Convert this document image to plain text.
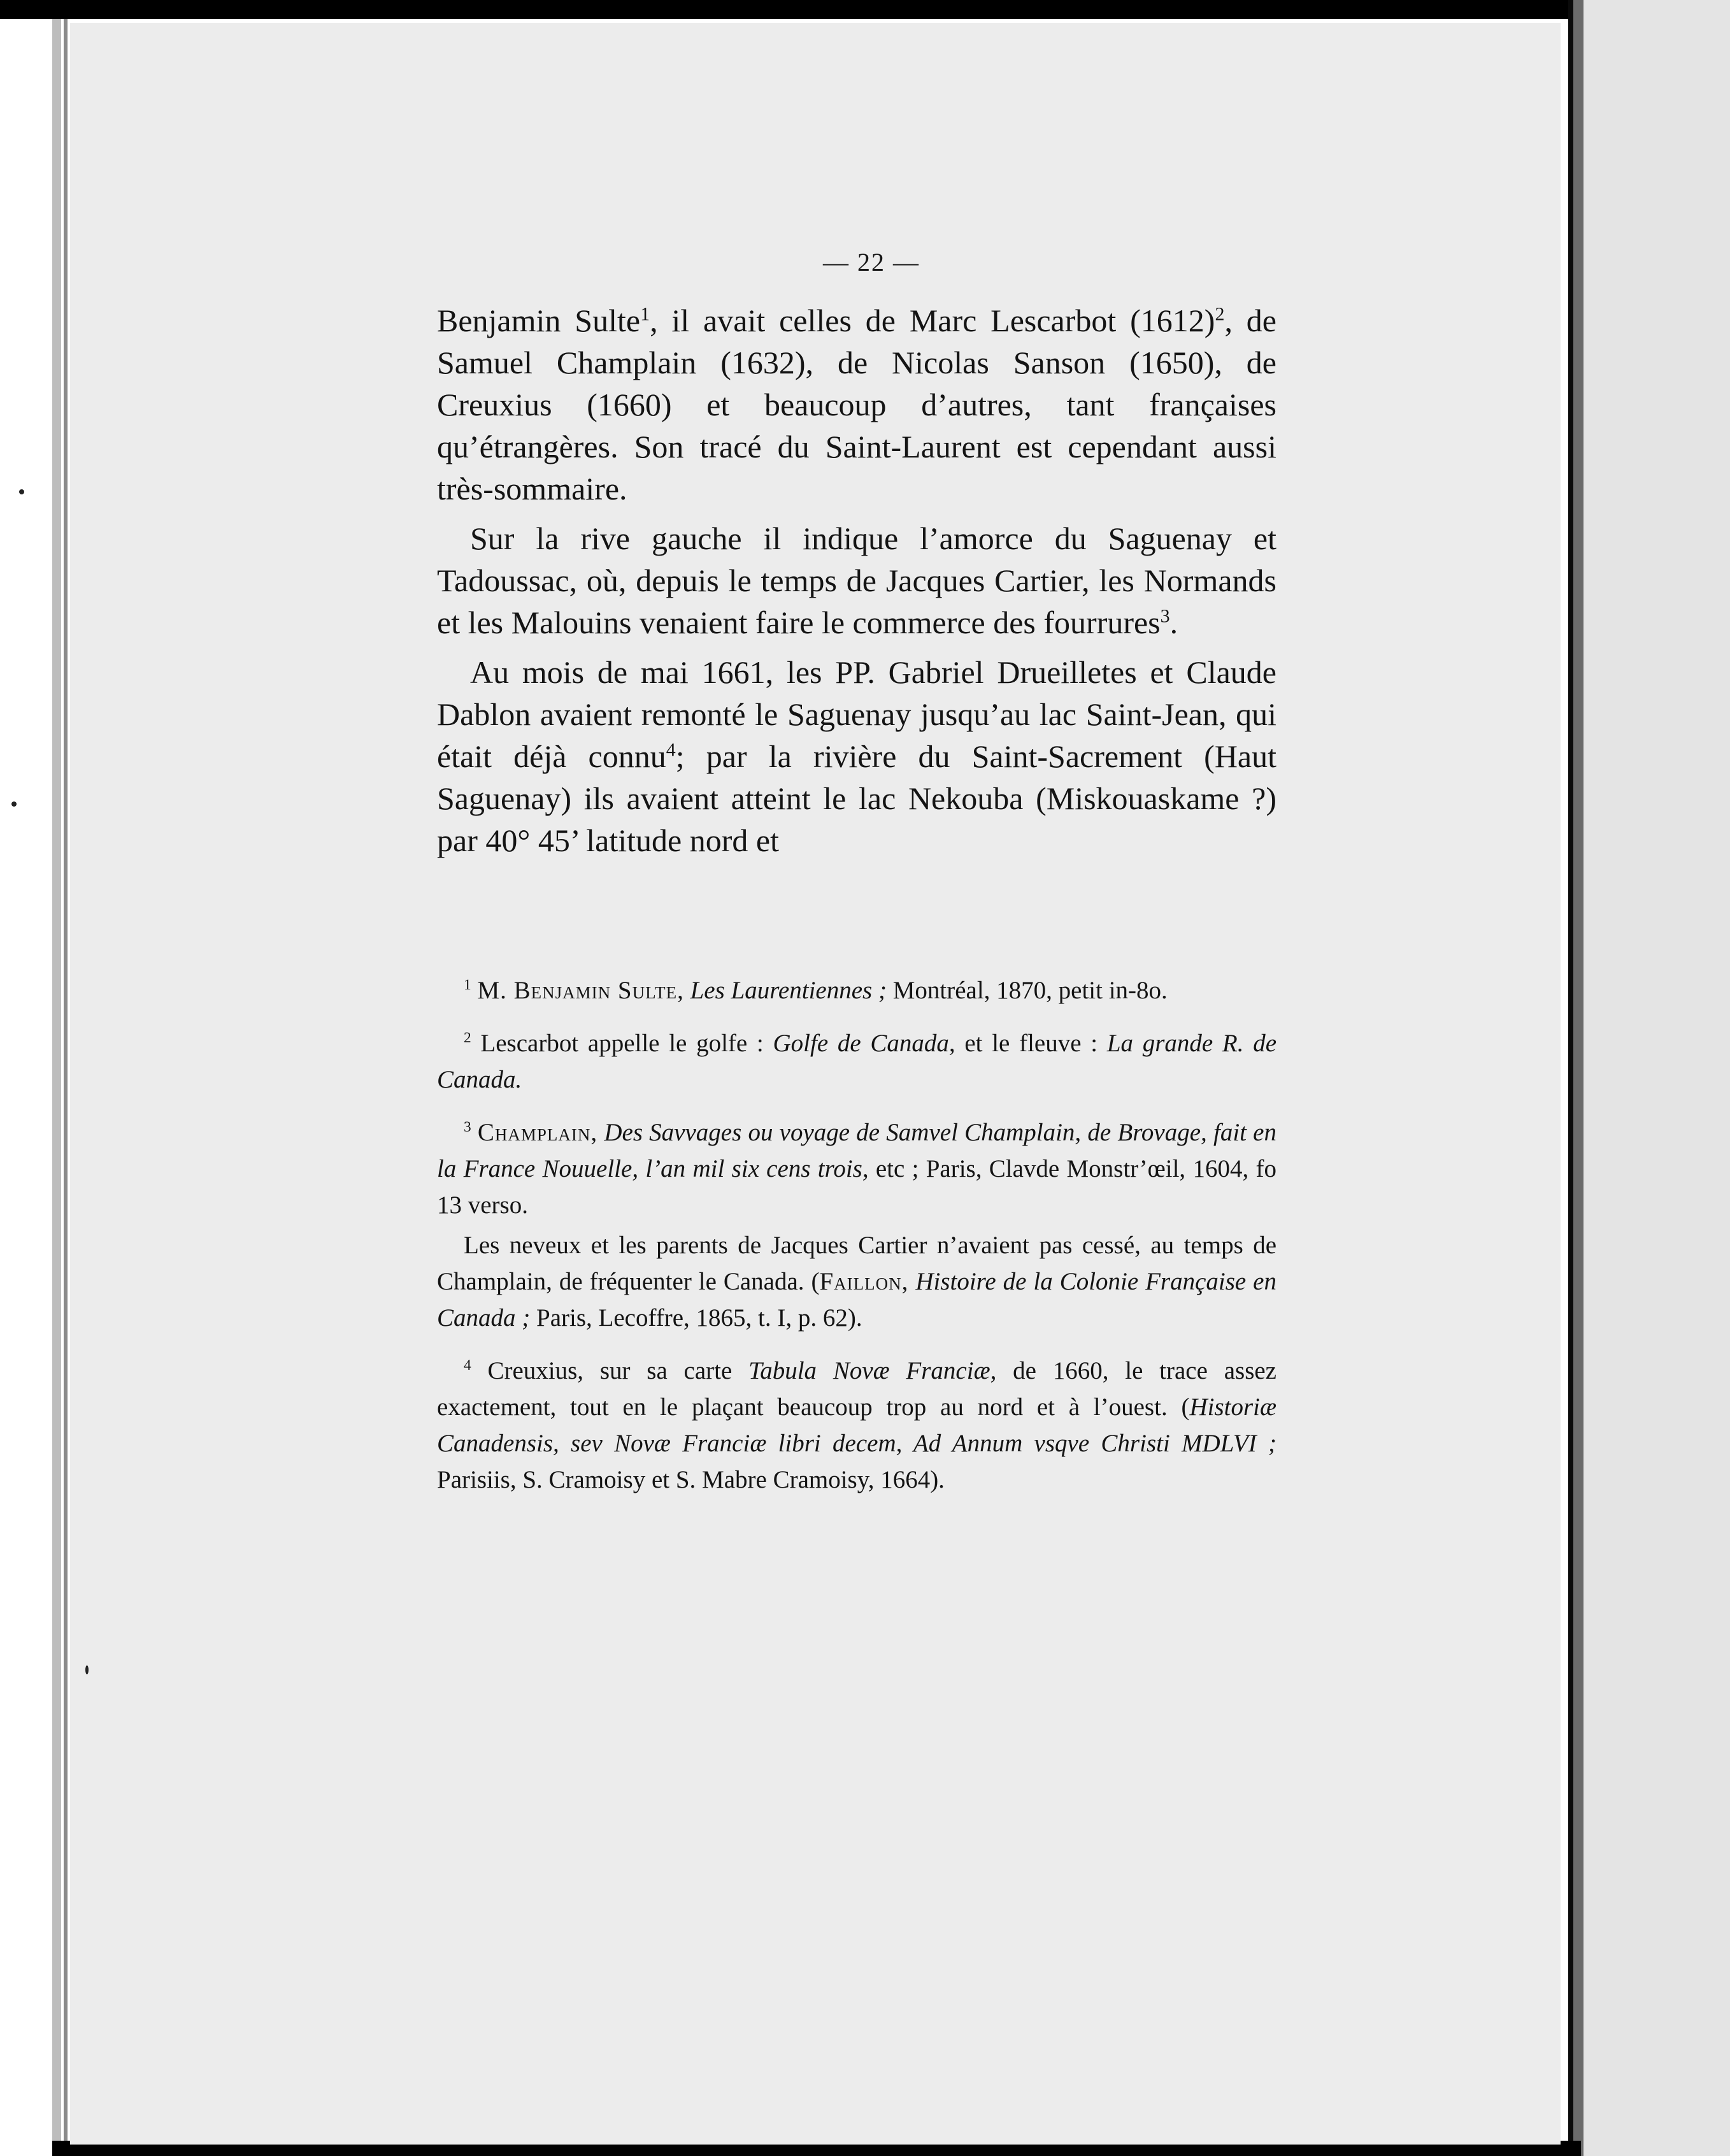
— 22 —

Benjamin Sulte$^1$, il avait celles de Marc Lescarbot $(1612)^2$, de Samuel Champlain (1632), de Nicolas Sanson (1650), de Creuxius (1660) et beaucoup d’autres, tant françaises qu’étrangères. Son tracé du Saint-Laurent est cependant aussi très-sommaire.

Sur la rive gauche il indique l’amorce du Saguenay et Tadoussac, où, depuis le temps de Jacques Cartier, les Normands et les Malouins venaient faire le commerce des fourrures$^3$.

Au mois de mai 1661, les PP. Gabriel Drueilletes et Claude Dablon avaient remonté le Saguenay jusqu’au lac Saint-Jean, qui était déjà connu$^4$; par la rivière du Saint-Sacrement (Haut Saguenay) ils avaient atteint le lac Nekouba (Miskouaskame ?) par 40° 45’ latitude nord et

$^1$ M. Benjamin Sulte, Les Laurentiennes ; Montréal, 1870, petit in-8o.

$^2$ Lescarbot appelle le golfe : Golfe de Canada, et le fleuve : La grande R. de Canada.

$^3$ Champlain, Des Savvages ou voyage de Samvel Champlain, de Brovage, fait en la France Nouuelle, l’an mil six cens trois, etc ; Paris, Clavde Monstr’œil, 1604, fo 13 verso.

Les neveux et les parents de Jacques Cartier n’avaient pas cessé, au temps de Champlain, de fréquenter le Canada. (Faillon, Histoire de la Colonie Française en Canada ; Paris, Lecoffre, 1865, t. I, p. 62).

$^4$ Creuxius, sur sa carte Tabula Novæ Franciæ, de 1660, le trace assez exactement, tout en le plaçant beaucoup trop au nord et à l’ouest. (Historiæ Canadensis, sev Novæ Franciæ libri decem, Ad Annum vsqve Christi MDLVI ; Parisiis, S. Cramoisy et S. Mabre Cramoisy, 1664).
